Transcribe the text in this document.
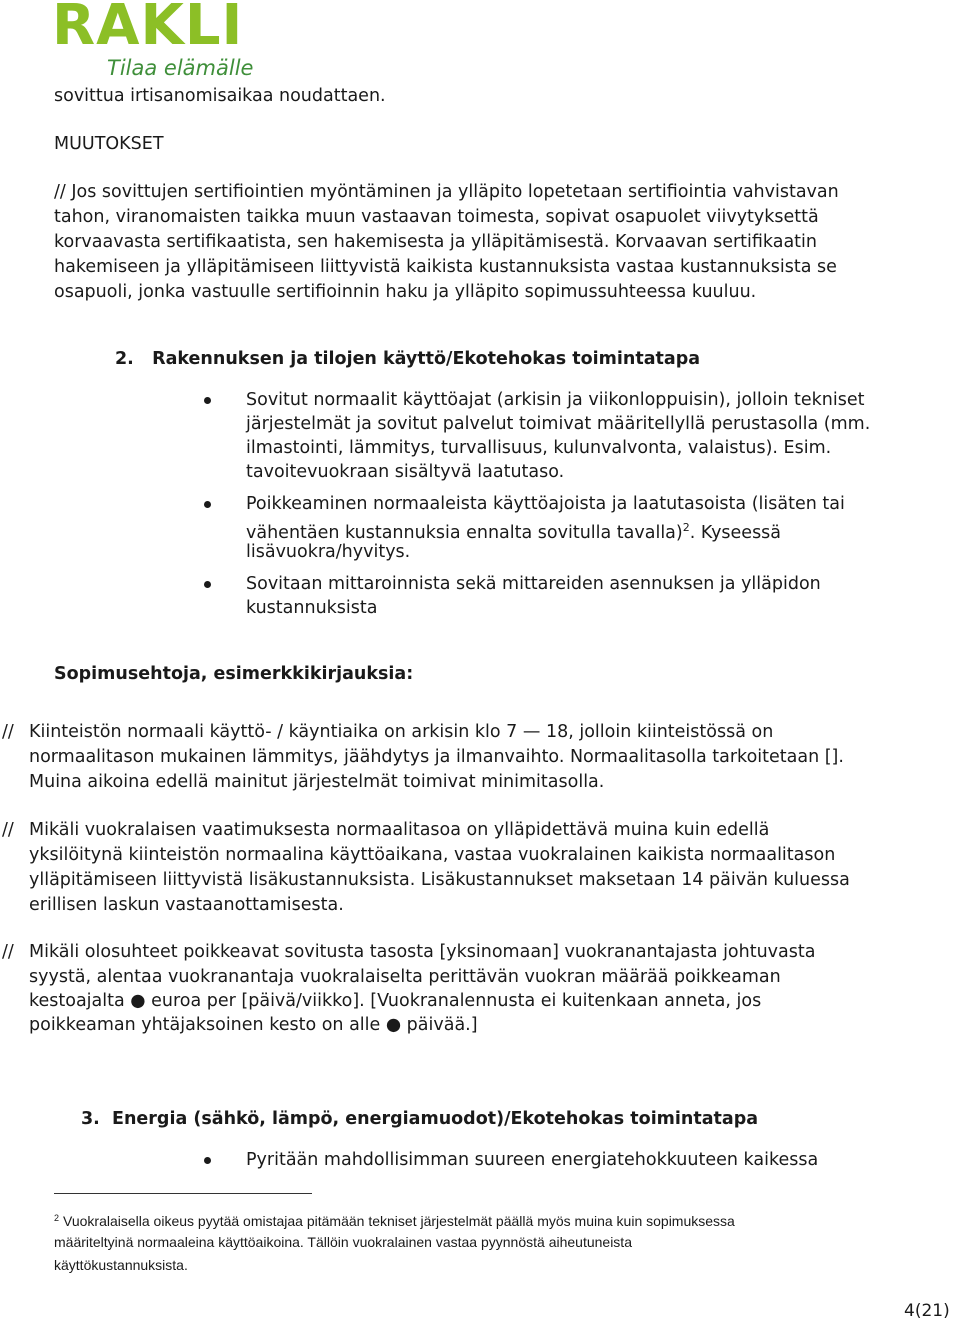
RAKLI
Tilaa elämälle
sovittua irtisanomisaikaa noudattaen.
MUUTOKSET
// Jos sovittujen sertifiointien myöntäminen ja ylläpito lopetetaan sertifiointia vahvistavan
tahon, viranomaisten taikka muun vastaavan toimesta, sopivat osapuolet viivytyksettä
korvaavasta sertifikaatista, sen hakemisesta ja ylläpitämisestä. Korvaavan sertifikaatin
hakemiseen ja ylläpitämiseen liittyvistä kaikista kustannuksista vastaa kustannuksista se
osapuoli, jonka vastuulle sertifioinnin haku ja ylläpito sopimussuhteessa kuuluu.
2. Rakennuksen ja tilojen käyttö/Ekotehokas toimintatapa
Sovitut normaalit käyttöajat (arkisin ja viikonloppuisin), jolloin tekniset
järjestelmät ja sovitut palvelut toimivat määritellyllä perustasolla (mm.
ilmastointi, lämmitys, turvallisuus, kulunvalvonta, valaistus). Esim.
tavoitevuokraan sisältyvä laatutaso.
Poikkeaminen normaaleista käyttöajoista ja laatutasoista (lisäten tai
vähentäen kustannuksia ennalta sovitulla tavalla)$^2$. Kyseessä
lisävuokra/hyvitys.
Sovitaan mittaroinnista sekä mittareiden asennuksen ja ylläpidon
kustannuksista
Sopimusehtoja, esimerkkikirjauksia:
// Kiinteistön normaali käyttö- / käyntiaika on arkisin klo 7 — 18, jolloin kiinteistössä on
normaalitason mukainen lämmitys, jäähdytys ja ilmanvaihto. Normaalitasolla tarkoitetaan [].
Muina aikoina edellä mainitut järjestelmät toimivat minimitasolla.
// Mikäli vuokralaisen vaatimuksesta normaalitasoa on ylläpidettävä muina kuin edellä
yksilöitynä kiinteistön normaalina käyttöaikana, vastaa vuokralainen kaikista normaalitason
ylläpitämiseen liittyvistä lisäkustannuksista. Lisäkustannukset maksetaan 14 päivän kuluessa
erillisen laskun vastaanottamisesta.
// Mikäli olosuhteet poikkeavat sovitusta tasosta [yksinomaan] vuokranantajasta johtuvasta
syystä, alentaa vuokranantaja vuokralaiselta perittävän vuokran määrää poikkeaman
kestoajalta ● euroa per [päivä/viikko]. [Vuokranalennusta ei kuitenkaan anneta, jos
poikkeaman yhtäjaksoinen kesto on alle ● päivää.]
3. Energia (sähkö, lämpö, energiamuodot)/Ekotehokas toimintatapa
Pyritään mahdollisimman suureen energiatehokkuuteen kaikessa
$^2$ Vuokralaisella oikeus pyytää omistajaa pitämään tekniset järjestelmät päällä myös muina kuin sopimuksessa
määriteltyinä normaaleina käyttöaikoina. Tällöin vuokralainen vastaa pyynnöstä aiheutuneista
käyttökustannuksista.
4(21)
